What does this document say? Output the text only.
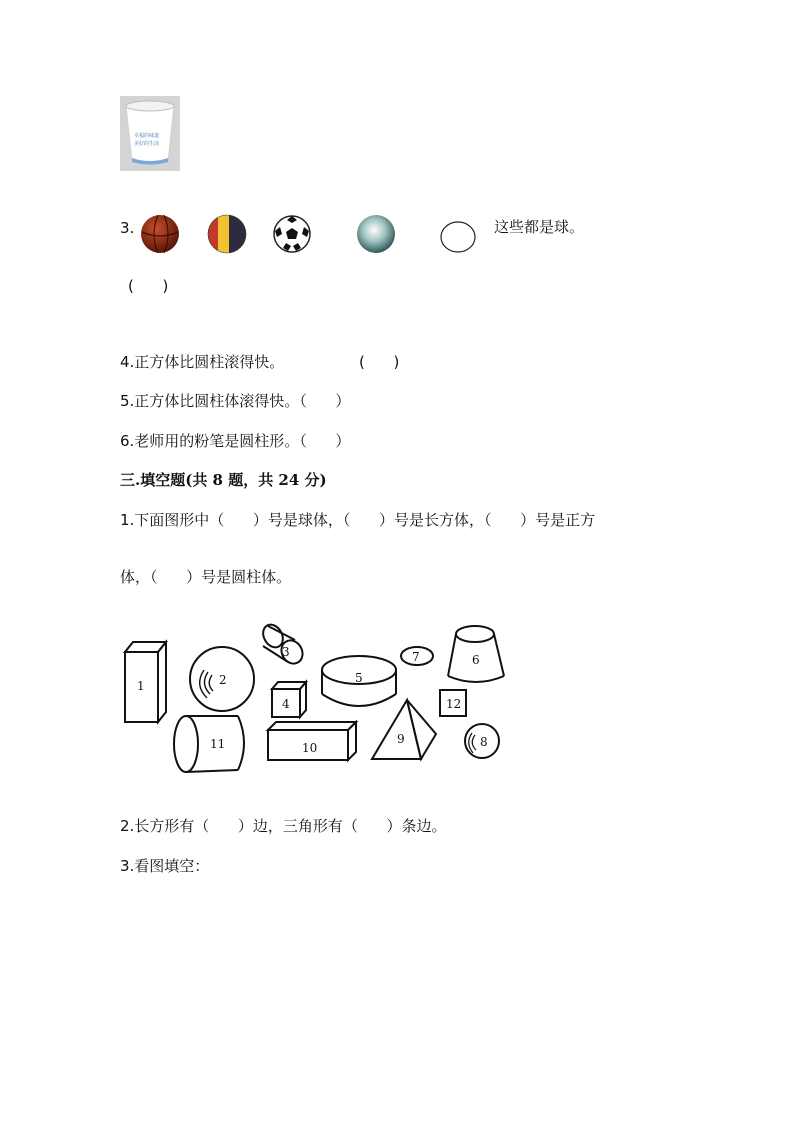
幸福的味道
美好的生活
3.	这些都是球。
(      )
4.正方体比圆柱滚得快。	(      )
5.正方体比圆柱体滚得快。（      ）
6.老师用的粉笔是圆柱形。（      ）
三.填空题(共 8 题，共 24 分)
1.下面图形中（      ）号是球体，（      ）号是长方体，（      ）号是正方
体，（      ）号是圆柱体。
1	2
3
4
5
6
7
12
9	8
10
11
2.长方形有（      ）边，三角形有（      ）条边。
3.看图填空：
